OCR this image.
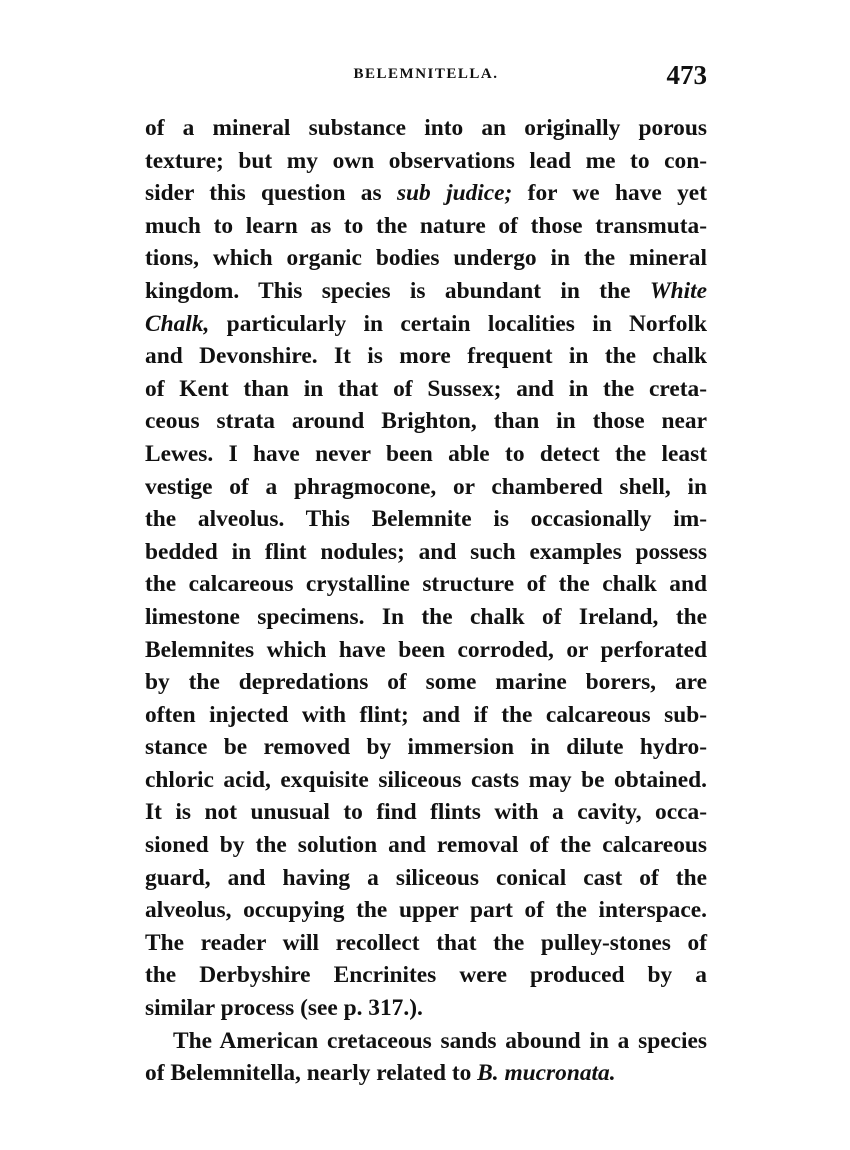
BELEMNITELLA.	473
of a mineral substance into an originally porous
texture; but my own observations lead me to con-
sider this question as sub judice; for we have yet
much to learn as to the nature of those transmuta-
tions, which organic bodies undergo in the mineral
kingdom. This species is abundant in the White
Chalk, particularly in certain localities in Norfolk
and Devonshire. It is more frequent in the chalk
of Kent than in that of Sussex; and in the creta-
ceous strata around Brighton, than in those near
Lewes. I have never been able to detect the least
vestige of a phragmocone, or chambered shell, in
the alveolus. This Belemnite is occasionally im-
bedded in flint nodules; and such examples possess
the calcareous crystalline structure of the chalk and
limestone specimens. In the chalk of Ireland, the
Belemnites which have been corroded, or perforated
by the depredations of some marine borers, are
often injected with flint; and if the calcareous sub-
stance be removed by immersion in dilute hydro-
chloric acid, exquisite siliceous casts may be obtained.
It is not unusual to find flints with a cavity, occa-
sioned by the solution and removal of the calcareous
guard, and having a siliceous conical cast of the
alveolus, occupying the upper part of the interspace.
The reader will recollect that the pulley-stones of
the Derbyshire Encrinites were produced by a
similar process (see p. 317.).
The American cretaceous sands abound in a species
of Belemnitella, nearly related to B. mucronata.
